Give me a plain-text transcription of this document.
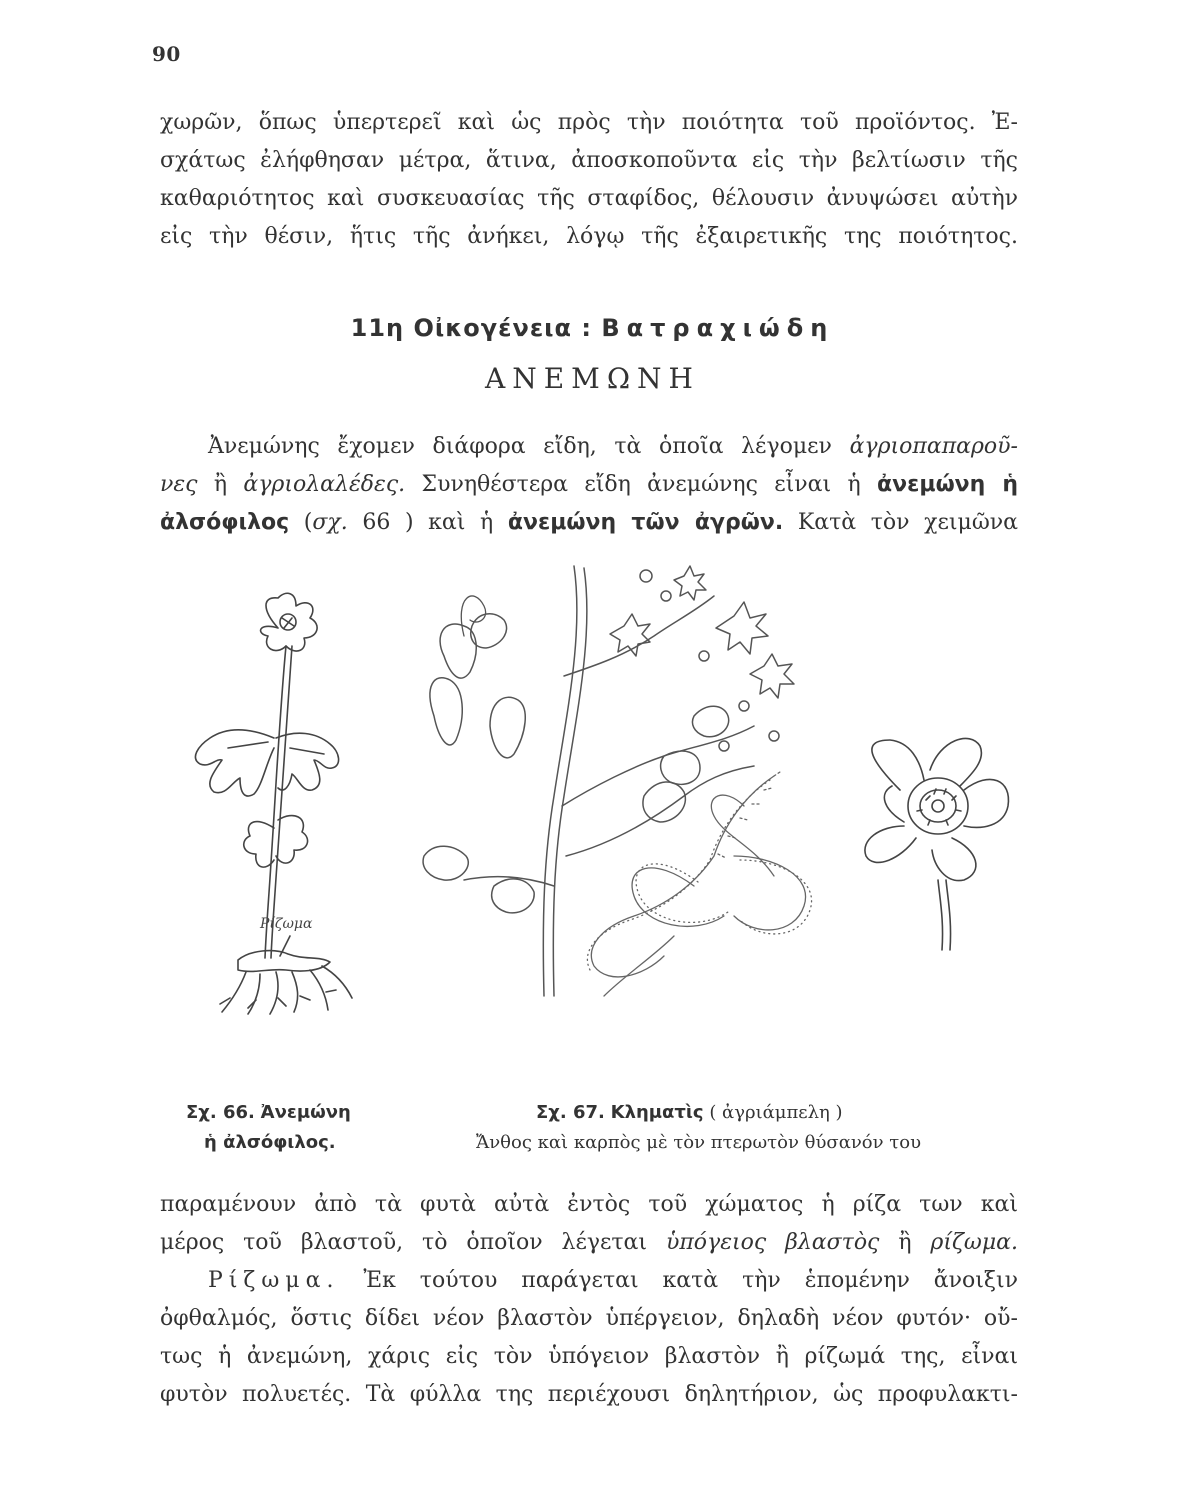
90

χωρῶν, ὅπως ὑπερτερεῖ καὶ ὡς πρὸς τὴν ποιότητα τοῦ προϊόντος. Ἐ-
σχάτως ἐλήφθησαν μέτρα, ἅτινα, ἀποσκοποῦντα εἰς τὴν βελτίωσιν τῆς
καθαριότητος καὶ συσκευασίας τῆς σταφίδος, θέλουσιν ἀνυψώσει αὐτὴν
εἰς τὴν θέσιν, ἥτις τῆς ἀνήκει, λόγῳ τῆς ἐξαιρετικῆς της ποιότητος.

11η Οἰκογένεια : Βατραχιώδη
ΑΝΕΜΩΝΗ

Ἀνεμώνης ἔχομεν διάφορα εἴδη, τὰ ὁποῖα λέγομεν ἀγριοπαπαροῦ-
νες ἢ ἀγριολαλέδες. Συνηθέστερα εἴδη ἀνεμώνης εἶναι ἡ ἀνεμώνη ἡ
ἀλσόφιλος (σχ. 66 ) καὶ ἡ ἀνεμώνη τῶν ἀγρῶν. Κατὰ τὸν χειμῶνα

Ρίζωμα
Σχ. 66. Ἀνεμώνη
ἡ ἀλσόφιλος.
Σχ. 67. Κληματὶς ( ἀγριάμπελη )
Ἄνθος καὶ καρπὸς μὲ τὸν πτερωτὸν θύσανόν του

παραμένουν ἀπὸ τὰ φυτὰ αὐτὰ ἐντὸς τοῦ χώματος ἡ ρίζα των καὶ
μέρος τοῦ βλαστοῦ, τὸ ὁποῖον λέγεται ὑπόγειος βλαστὸς ἢ ρίζωμα.
Ρίζωμα. Ἐκ τούτου παράγεται κατὰ τὴν ἑπομένην ἄνοιξιν
ὀφθαλμός, ὅστις δίδει νέον βλαστὸν ὑπέργειον, δηλαδὴ νέον φυτόν· οὔ-
τως ἡ ἀνεμώνη, χάρις εἰς τὸν ὑπόγειον βλαστὸν ἢ ρίζωμά της, εἶναι
φυτὸν πολυετές. Τὰ φύλλα της περιέχουσι δηλητήριον, ὡς προφυλακτι-
